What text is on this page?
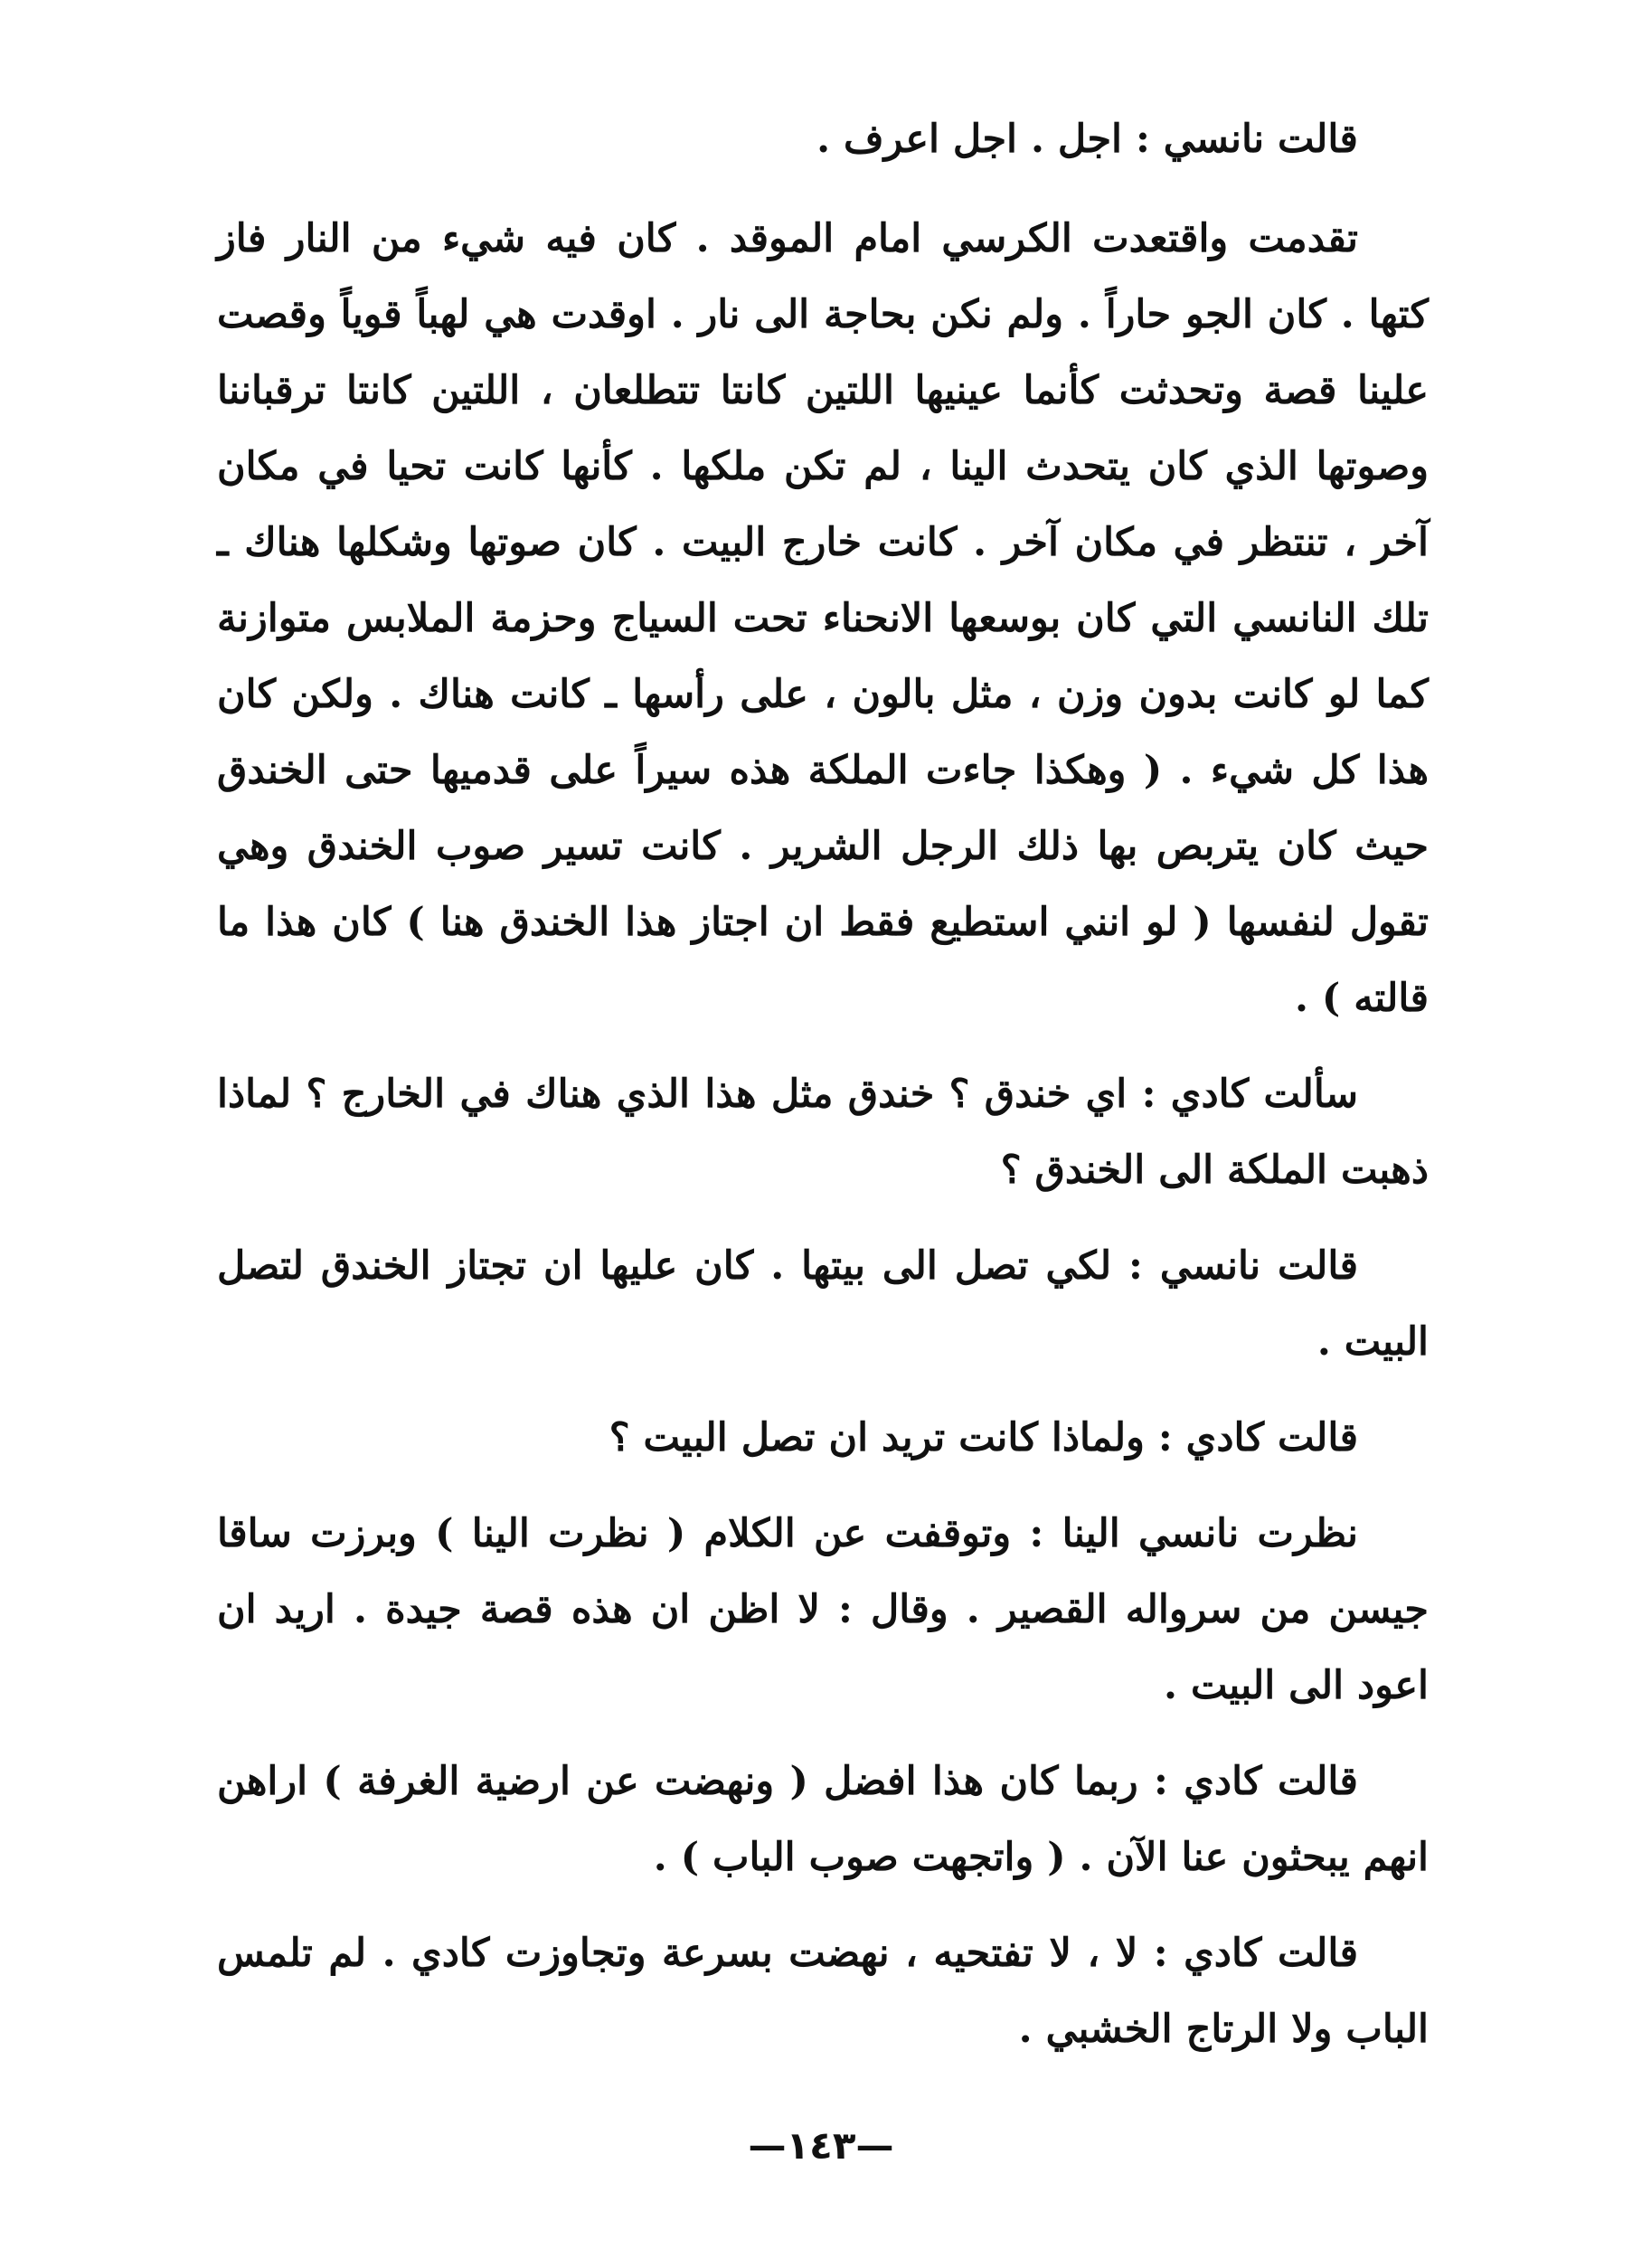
قالت نانسي : اجل . اجل اعرف .

تقدمت واقتعدت الكرسي امام الموقد . كان فيه شيء من النار فاز كتها . كان الجو حاراً . ولم نكن بحاجة الى نار . اوقدت هي لهباً قوياً وقصت علينا قصة وتحدثت كأنما عينيها اللتين كانتا تتطلعان ، اللتين كانتا ترقباننا وصوتها الذي كان يتحدث الينا ، لم تكن ملكها . كأنها كانت تحيا في مكان آخر ، تنتظر في مكان آخر . كانت خارج البيت . كان صوتها وشكلها هناك ـ تلك النانسي التي كان بوسعها الانحناء تحت السياج وحزمة الملابس متوازنة كما لو كانت بدون وزن ، مثل بالون ، على رأسها ـ كانت هناك . ولكن كان هذا كل شيء . ( وهكذا جاءت الملكة هذه سيراً على قدميها حتى الخندق حيث كان يتربص بها ذلك الرجل الشرير . كانت تسير صوب الخندق وهي تقول لنفسها ( لو انني استطيع فقط ان اجتاز هذا الخندق هنا ) كان هذا ما قالته ) .

سألت كادي : اي خندق ؟ خندق مثل هذا الذي هناك في الخارج ؟ لماذا ذهبت الملكة الى الخندق ؟

قالت نانسي : لكي تصل الى بيتها . كان عليها ان تجتاز الخندق لتصل البيت .

قالت كادي : ولماذا كانت تريد ان تصل البيت ؟

نظرت نانسي الينا : وتوقفت عن الكلام ( نظرت الينا ) وبرزت ساقا جيسن من سرواله القصير . وقال : لا اظن ان هذه قصة جيدة . اريد ان اعود الى البيت .

قالت كادي : ربما كان هذا افضل ( ونهضت عن ارضية الغرفة ) اراهن انهم يبحثون عنا الآن . ( واتجهت صوب الباب ) .

قالت كادي : لا ، لا تفتحيه ، نهضت بسرعة وتجاوزت كادي . لم تلمس الباب ولا الرتاج الخشبي .

—١٤٣—
